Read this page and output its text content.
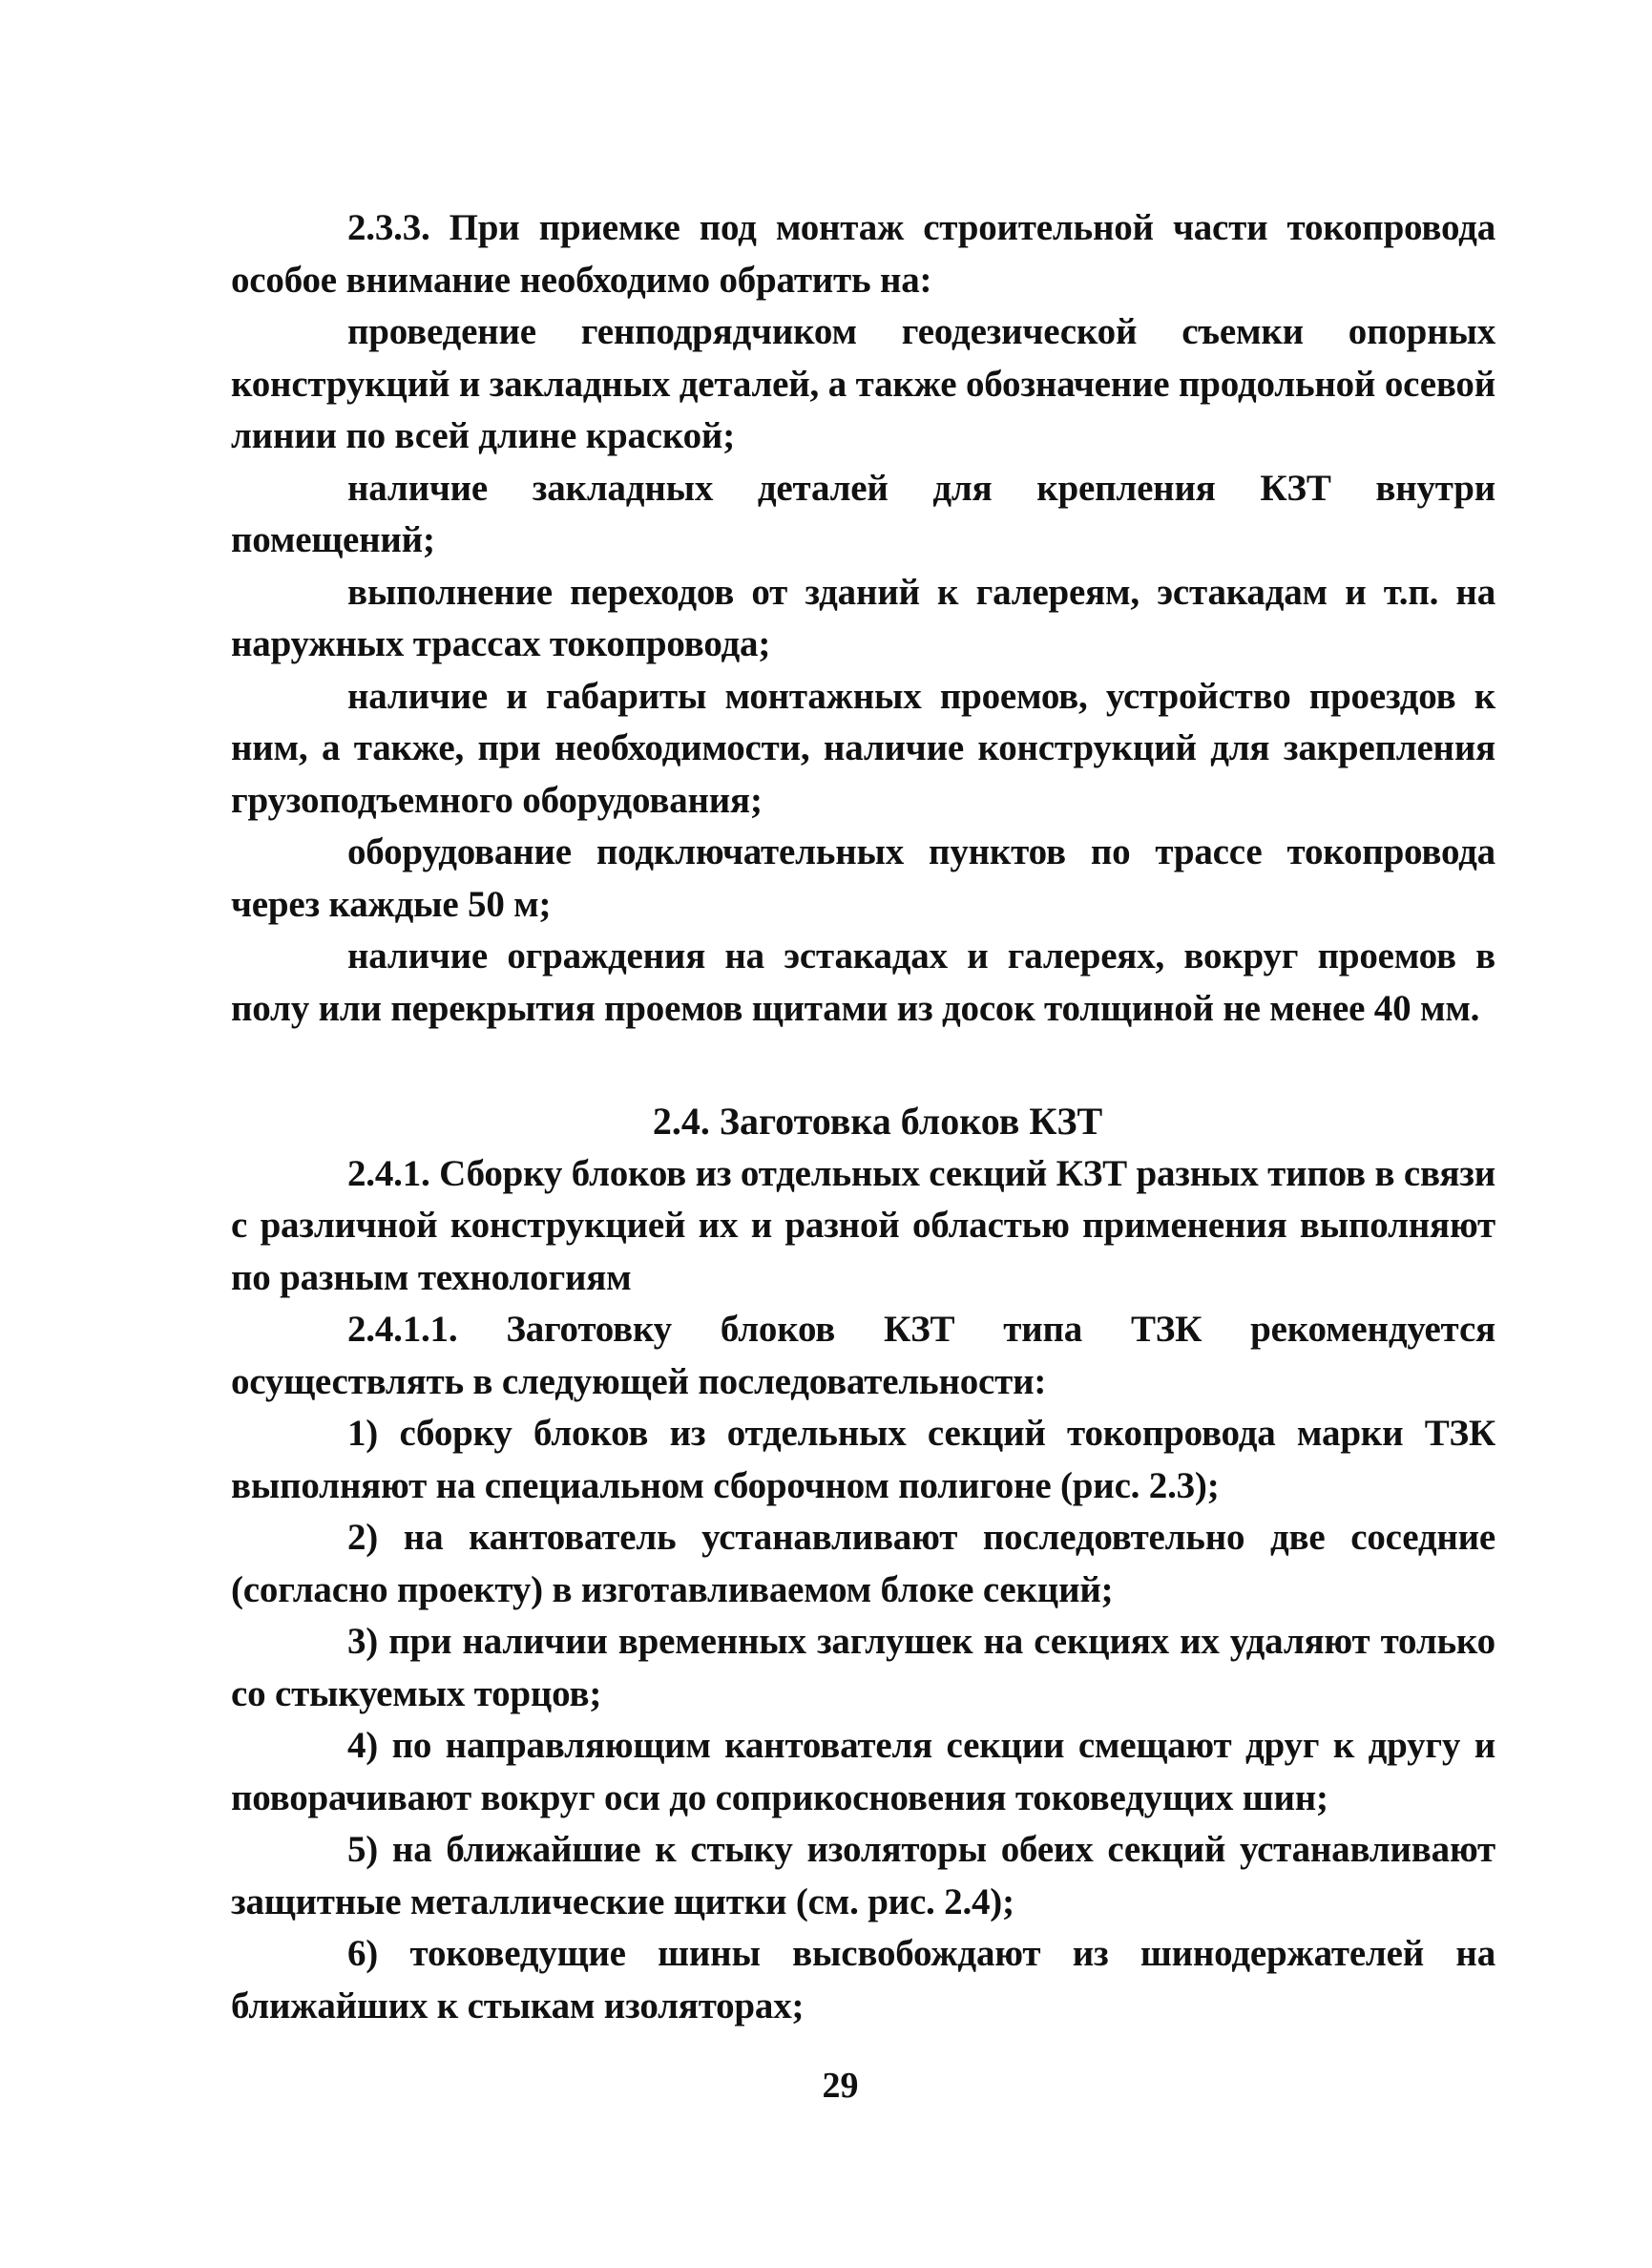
2.3.3. При приемке под монтаж строительной части токопровода особое внимание необходимо обратить на:

проведение генподрядчиком геодезической съемки опорных конструкций и закладных деталей, а также обозначение продольной осевой линии по всей длине краской;

наличие закладных деталей для крепления КЗТ внутри помещений;

выполнение переходов от зданий к галереям, эстакадам и т.п. на наружных трассах токопровода;

наличие и габариты монтажных проемов, устройство проездов к ним, а также, при необходимости, наличие конструкций для закрепления грузоподъемного оборудования;

оборудование подключательных пунктов по трассе токопровода через каждые 50 м;

наличие ограждения на эстакадах и галереях, вокруг проемов в полу или перекрытия проемов щитами из досок толщиной не менее 40 мм.

2.4. Заготовка блоков КЗТ

2.4.1. Сборку блоков из отдельных секций КЗТ разных типов в связи с различной конструкцией их и разной областью применения выполняют по разным технологиям

2.4.1.1. Заготовку блоков КЗТ типа ТЗК рекомендуется осуществлять в следующей последовательности:

1) сборку блоков из отдельных секций токопровода марки ТЗК выполняют на специальном сборочном полигоне (рис. 2.3);

2) на кантователь устанавливают последовтельно две соседние (согласно проекту) в изготавливаемом блоке секций;

3) при наличии временных заглушек на секциях их удаляют только со стыкуемых торцов;

4) по направляющим кантователя секции смещают друг к другу и поворачивают вокруг оси до соприкосновения токоведущих шин;

5) на ближайшие к стыку изоляторы обеих секций устанавливают защитные металлические щитки (см. рис. 2.4);

6) токоведущие шины высвобождают из шинодержателей на ближайших к стыкам изоляторах;

29
